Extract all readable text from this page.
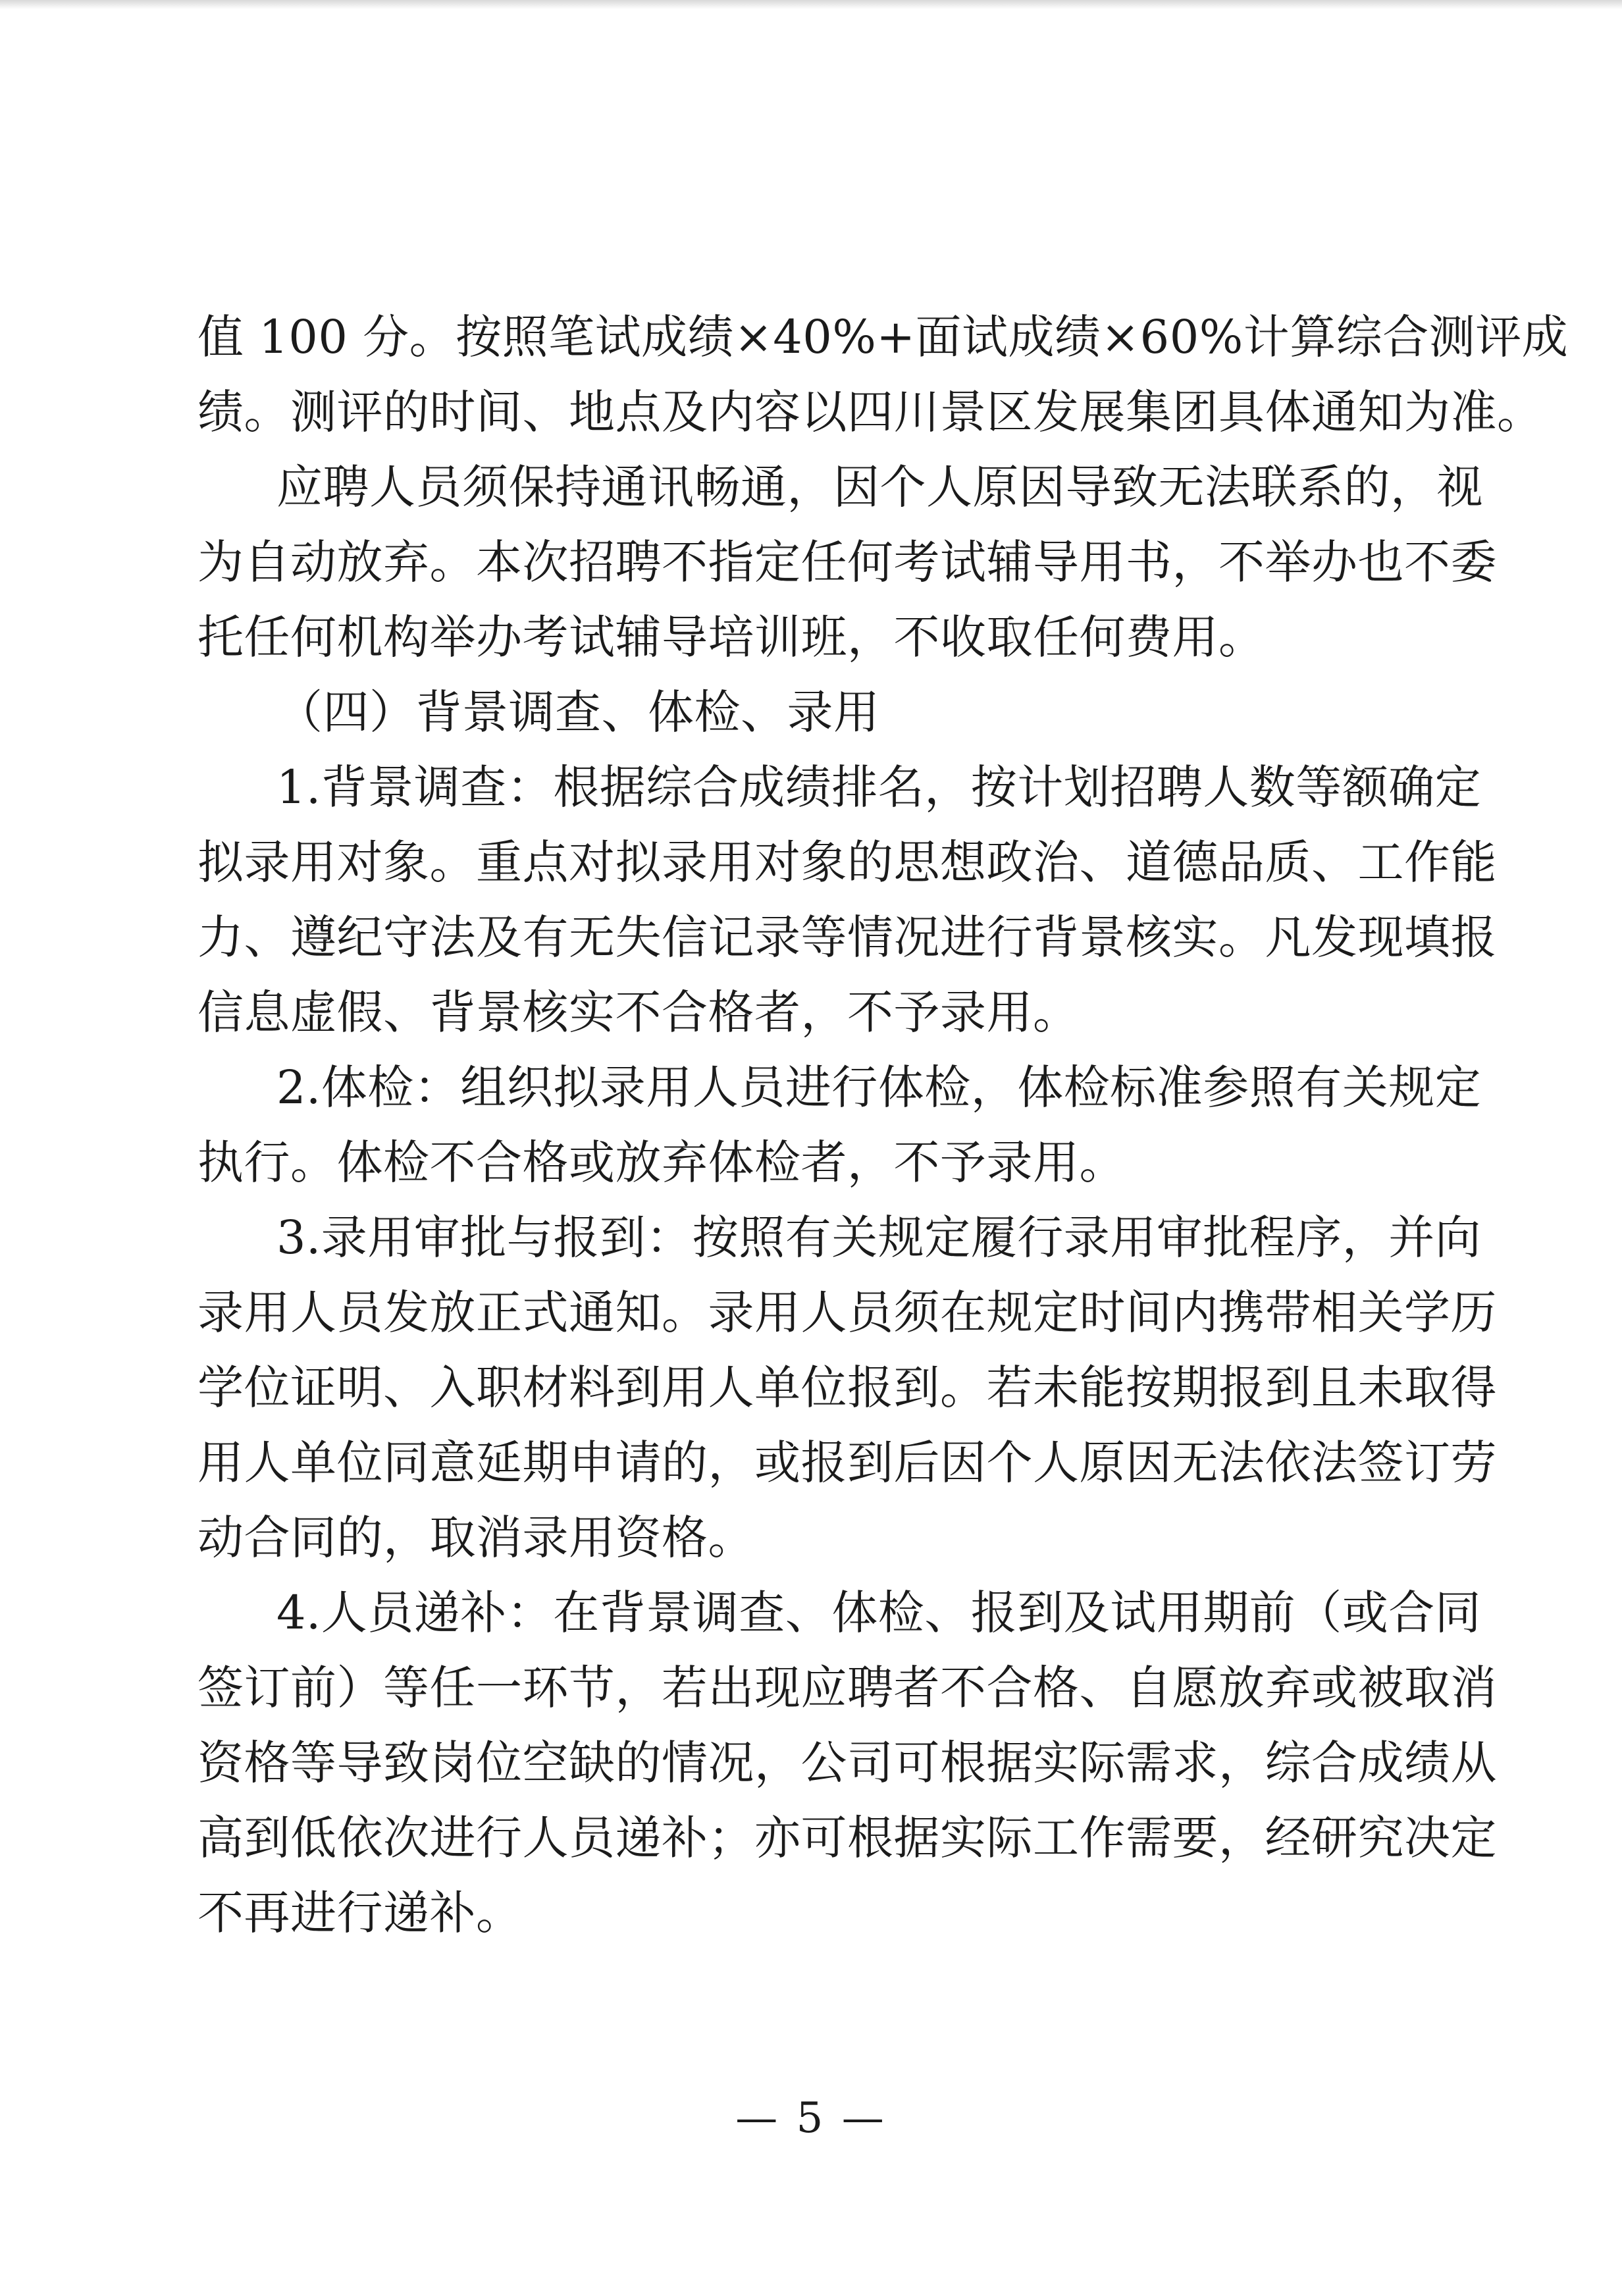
值 100 分。按照笔试成绩×40%+面试成绩×60%计算综合测评成
绩。测评的时间、地点及内容以四川景区发展集团具体通知为准。
应聘人员须保持通讯畅通，因个人原因导致无法联系的，视
为自动放弃。本次招聘不指定任何考试辅导用书，不举办也不委
托任何机构举办考试辅导培训班，不收取任何费用。
（四）背景调查、体检、录用
1.背景调查：根据综合成绩排名，按计划招聘人数等额确定
拟录用对象。重点对拟录用对象的思想政治、道德品质、工作能
力、遵纪守法及有无失信记录等情况进行背景核实。凡发现填报
信息虚假、背景核实不合格者，不予录用。
2.体检：组织拟录用人员进行体检，体检标准参照有关规定
执行。体检不合格或放弃体检者，不予录用。
3.录用审批与报到：按照有关规定履行录用审批程序，并向
录用人员发放正式通知。录用人员须在规定时间内携带相关学历
学位证明、入职材料到用人单位报到。若未能按期报到且未取得
用人单位同意延期申请的，或报到后因个人原因无法依法签订劳
动合同的，取消录用资格。
4.人员递补：在背景调查、体检、报到及试用期前（或合同
签订前）等任一环节，若出现应聘者不合格、自愿放弃或被取消
资格等导致岗位空缺的情况，公司可根据实际需求，综合成绩从
高到低依次进行人员递补；亦可根据实际工作需要，经研究决定
不再进行递补。
— 5 —
